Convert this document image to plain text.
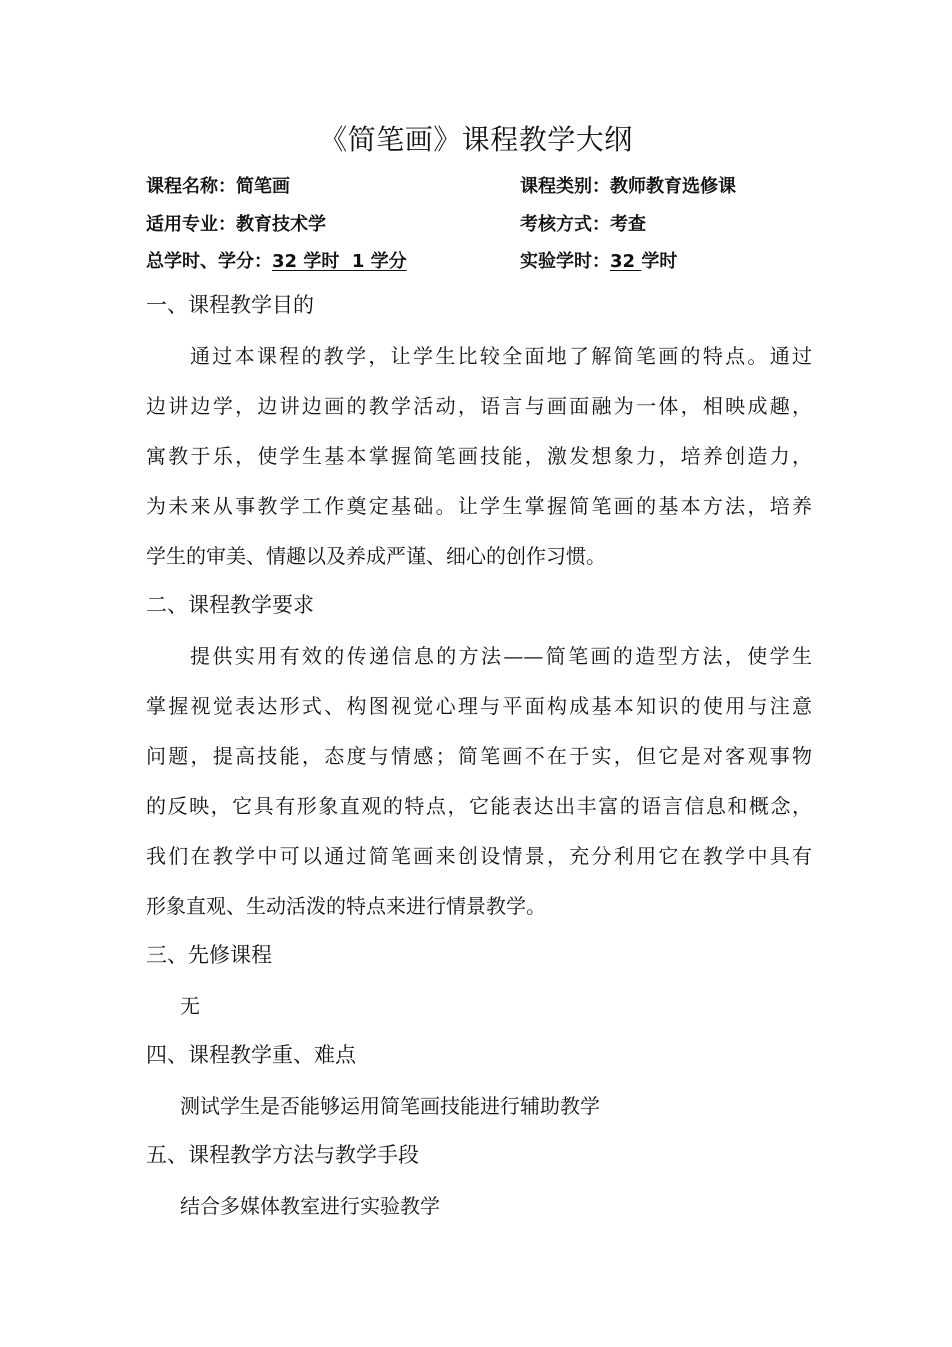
《简笔画》课程教学大纲
课程名称：简笔画	课程类别：教师教育选修课
适用专业：教育技术学	考核方式：考查
总学时、学分：32 学时  1 学分	实验学时：32 学时
一、课程教学目的
通过本课程的教学，让学生比较全面地了解简笔画的特点。通过
边讲边学，边讲边画的教学活动，语言与画面融为一体，相映成趣，
寓教于乐，使学生基本掌握简笔画技能，激发想象力，培养创造力，
为未来从事教学工作奠定基础。让学生掌握简笔画的基本方法，培养
学生的审美、情趣以及养成严谨、细心的创作习惯。
二、课程教学要求
提供实用有效的传递信息的方法——简笔画的造型方法，使学生
掌握视觉表达形式、构图视觉心理与平面构成基本知识的使用与注意
问题，提高技能，态度与情感；简笔画不在于实，但它是对客观事物
的反映，它具有形象直观的特点，它能表达出丰富的语言信息和概念，
我们在教学中可以通过简笔画来创设情景，充分利用它在教学中具有
形象直观、生动活泼的特点来进行情景教学。
三、先修课程
无
四、课程教学重、难点
测试学生是否能够运用简笔画技能进行辅助教学
五、课程教学方法与教学手段
结合多媒体教室进行实验教学
